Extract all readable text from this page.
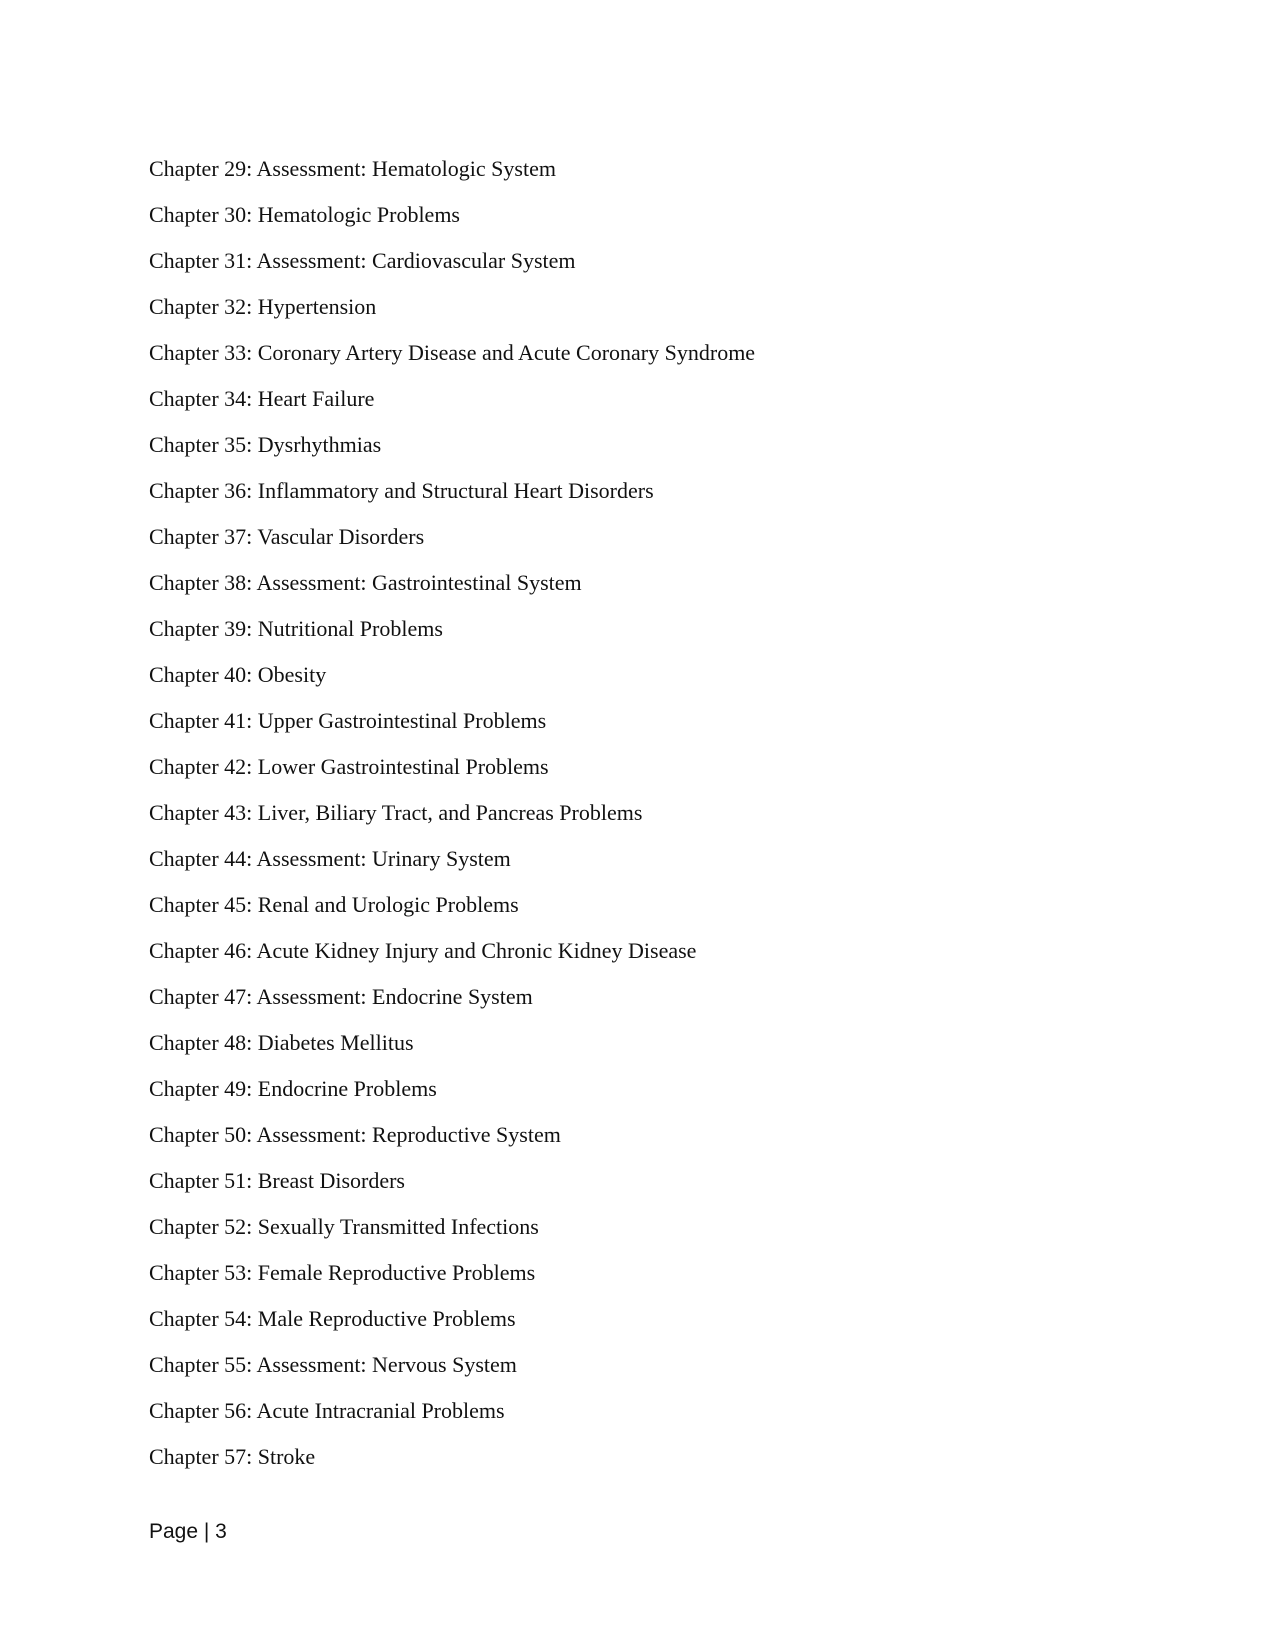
Chapter 29: Assessment: Hematologic System
Chapter 30: Hematologic Problems
Chapter 31: Assessment: Cardiovascular System
Chapter 32: Hypertension
Chapter 33: Coronary Artery Disease and Acute Coronary Syndrome
Chapter 34: Heart Failure
Chapter 35: Dysrhythmias
Chapter 36: Inflammatory and Structural Heart Disorders
Chapter 37: Vascular Disorders
Chapter 38: Assessment: Gastrointestinal System
Chapter 39: Nutritional Problems
Chapter 40: Obesity
Chapter 41: Upper Gastrointestinal Problems
Chapter 42: Lower Gastrointestinal Problems
Chapter 43: Liver, Biliary Tract, and Pancreas Problems
Chapter 44: Assessment: Urinary System
Chapter 45: Renal and Urologic Problems
Chapter 46: Acute Kidney Injury and Chronic Kidney Disease
Chapter 47: Assessment: Endocrine System
Chapter 48: Diabetes Mellitus
Chapter 49: Endocrine Problems
Chapter 50: Assessment: Reproductive System
Chapter 51: Breast Disorders
Chapter 52: Sexually Transmitted Infections
Chapter 53: Female Reproductive Problems
Chapter 54: Male Reproductive Problems
Chapter 55: Assessment: Nervous System
Chapter 56: Acute Intracranial Problems
Chapter 57: Stroke
Page | 3
